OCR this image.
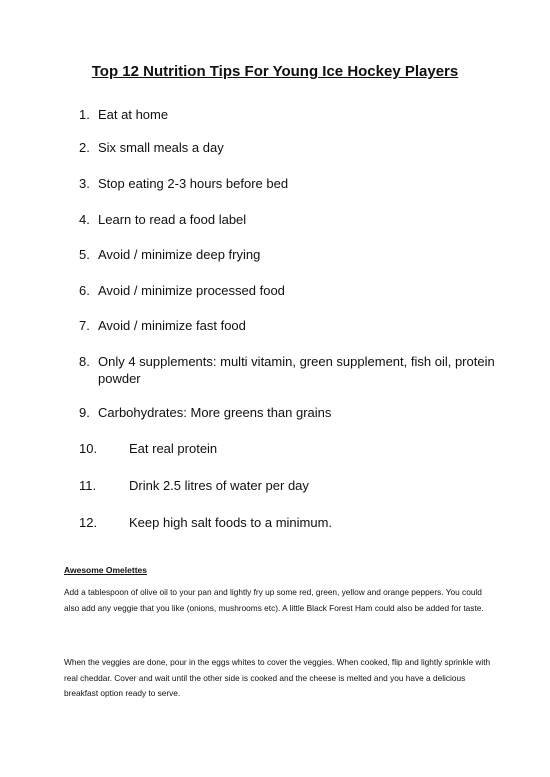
Top 12 Nutrition Tips For Young Ice Hockey Players
1. Eat at home
2. Six small meals a day
3. Stop eating 2-3 hours before bed
4. Learn to read a food label
5. Avoid / minimize deep frying
6. Avoid / minimize processed food
7. Avoid / minimize fast food
8. Only 4 supplements: multi vitamin, green supplement, fish oil, protein powder
9. Carbohydrates: More greens than grains
10. Eat real protein
11.	Drink 2.5 litres of water per day
12. Keep high salt foods to a minimum.
Awesome Omelettes

Add a tablespoon of olive oil to your pan and lightly fry up some red, green, yellow and orange peppers. You could also add any veggie that you like (onions, mushrooms etc). A little Black Forest Ham could also be added for taste.

When the veggies are done, pour in the eggs whites to cover the veggies. When cooked, flip and lightly sprinkle with real cheddar. Cover and wait until the other side is cooked and the cheese is melted and you have a delicious breakfast option ready to serve.
